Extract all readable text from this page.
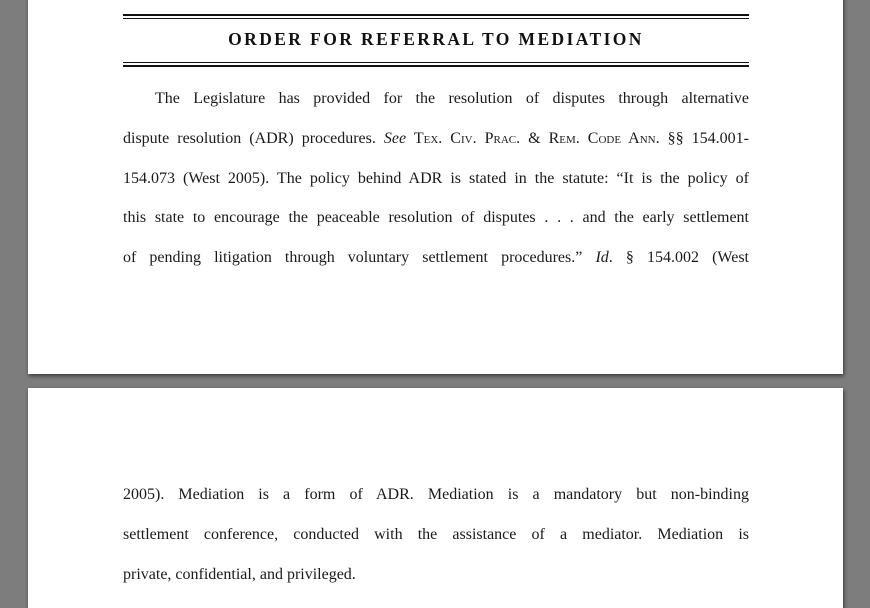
ORDER FOR REFERRAL TO MEDIATION
The Legislature has provided for the resolution of disputes through alternative
dispute resolution (ADR) procedures. See Tex. Civ. Prac. & Rem. Code Ann. §§ 154.001-
154.073 (West 2005). The policy behind ADR is stated in the statute: “It is the policy of
this state to encourage the peaceable resolution of disputes . . . and the early settlement
of pending litigation through voluntary settlement procedures.” Id. § 154.002 (West
2005). Mediation is a form of ADR. Mediation is a mandatory but non-binding
settlement conference, conducted with the assistance of a mediator. Mediation is
private, confidential, and privileged.
